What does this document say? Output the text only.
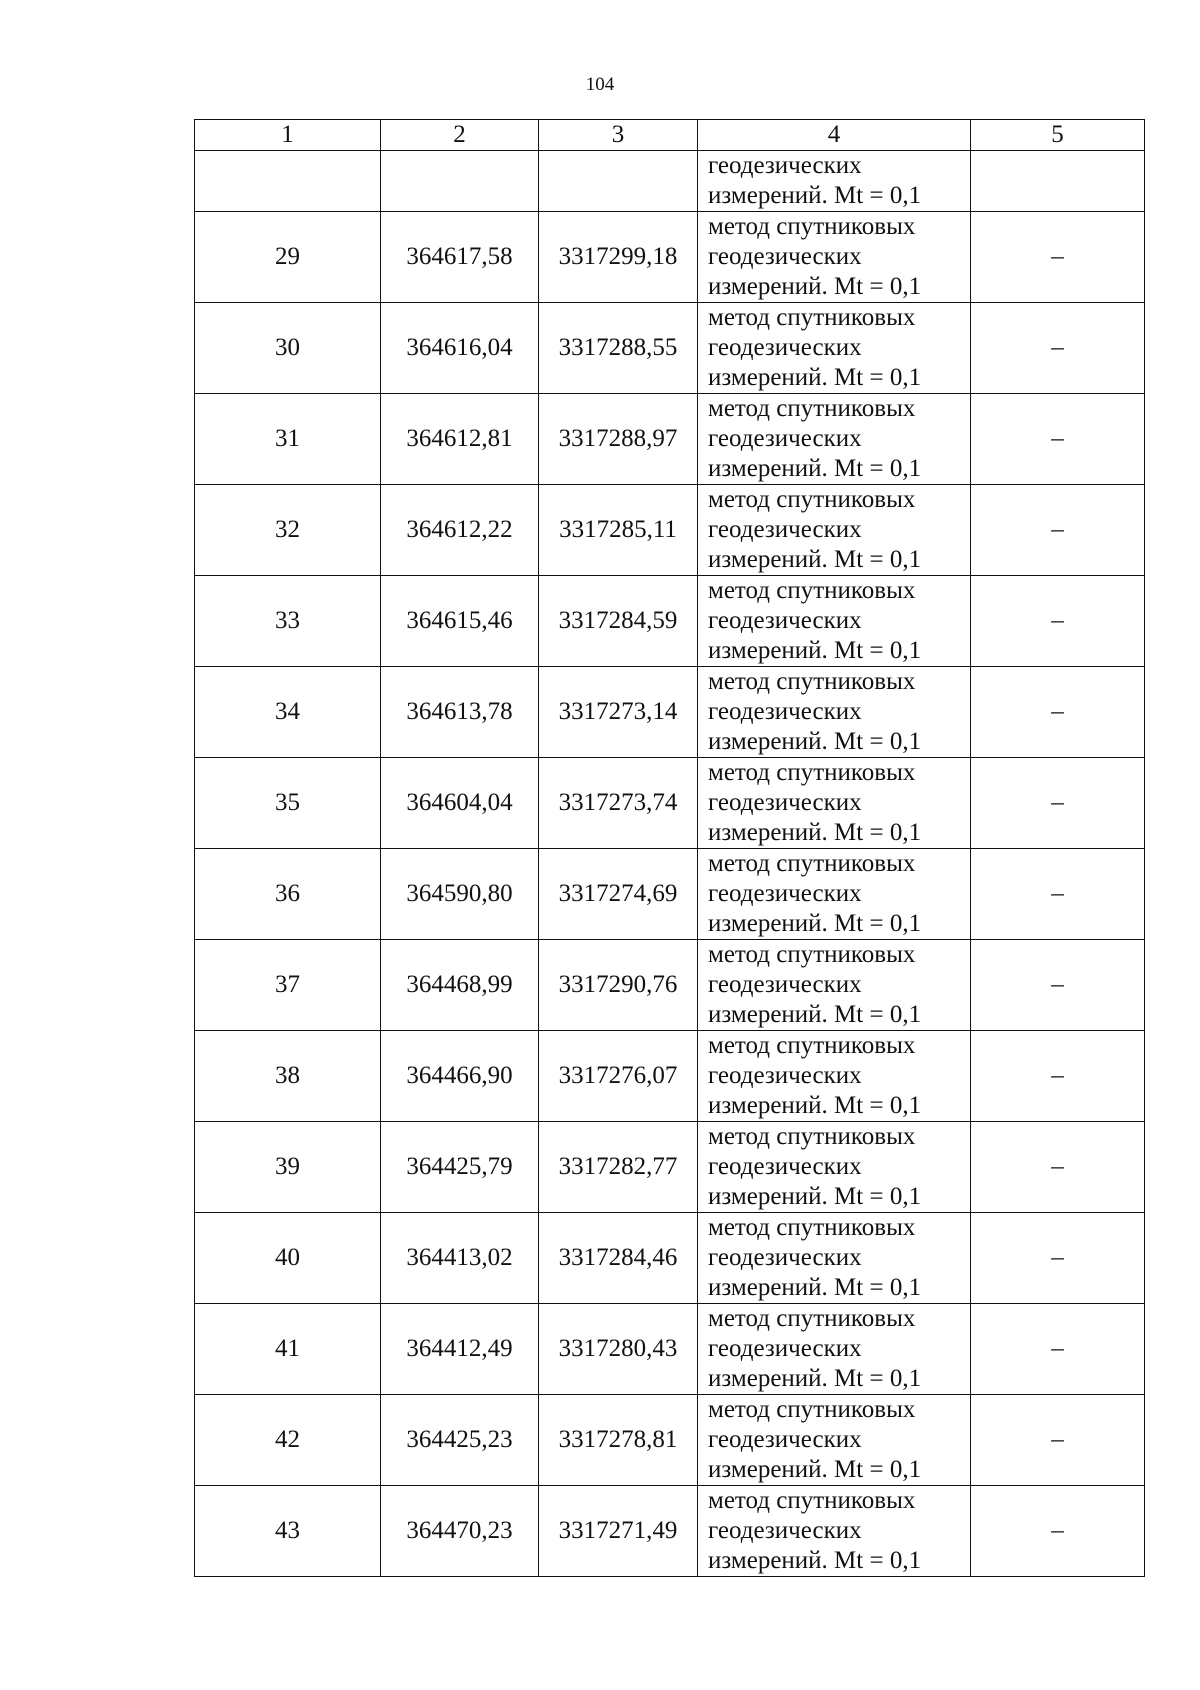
104
1	2	3	4	5

			геодезических
измерений. Mt = 0,1	

29	364617,58	3317299,18	метод спутниковых
геодезических
измерений. Mt = 0,1	–
30	364616,04	3317288,55	метод спутниковых
геодезических
измерений. Mt = 0,1	–
31	364612,81	3317288,97	метод спутниковых
геодезических
измерений. Mt = 0,1	–
32	364612,22	3317285,11	метод спутниковых
геодезических
измерений. Mt = 0,1	–
33	364615,46	3317284,59	метод спутниковых
геодезических
измерений. Mt = 0,1	–
34	364613,78	3317273,14	метод спутниковых
геодезических
измерений. Mt = 0,1	–
35	364604,04	3317273,74	метод спутниковых
геодезических
измерений. Mt = 0,1	–
36	364590,80	3317274,69	метод спутниковых
геодезических
измерений. Mt = 0,1	–
37	364468,99	3317290,76	метод спутниковых
геодезических
измерений. Mt = 0,1	–
38	364466,90	3317276,07	метод спутниковых
геодезических
измерений. Mt = 0,1	–
39	364425,79	3317282,77	метод спутниковых
геодезических
измерений. Mt = 0,1	–
40	364413,02	3317284,46	метод спутниковых
геодезических
измерений. Mt = 0,1	–
41	364412,49	3317280,43	метод спутниковых
геодезических
измерений. Mt = 0,1	–
42	364425,23	3317278,81	метод спутниковых
геодезических
измерений. Mt = 0,1	–
43	364470,23	3317271,49	метод спутниковых
геодезических
измерений. Mt = 0,1	–
